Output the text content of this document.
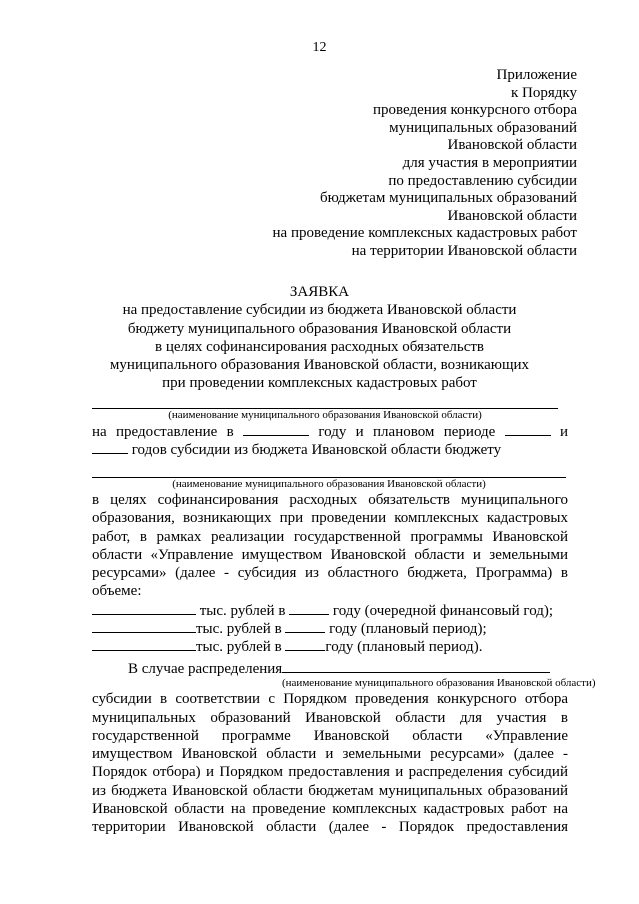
12
Приложение
к Порядку
проведения конкурсного отбора
муниципальных образований
Ивановской области
для участия в мероприятии
по предоставлению субсидии
бюджетам муниципальных образований
Ивановской области
на проведение комплексных кадастровых работ
на территории Ивановской области
ЗАЯВКА
на предоставление субсидии из бюджета Ивановской области
бюджету муниципального образования Ивановской области
в целях софинансирования расходных обязательств
муниципального образования Ивановской области, возникающих
при проведении комплексных кадастровых работ
(наименование муниципального образования Ивановской области)
на предоставление в	году и плановом периоде	и
годов субсидии из бюджета Ивановской области бюджету
(наименование муниципального образования Ивановской области)
в целях софинансирования расходных обязательств муниципального
образования, возникающих при проведении комплексных кадастровых
работ, в рамках реализации государственной программы Ивановской
области «Управление имуществом Ивановской области и земельными
ресурсами» (далее - субсидия из областного бюджета, Программа) в
объеме:
тыс. рублей в	году (очередной финансовый год);
тыс. рублей в	году (плановый период);
тыс. рублей в	году (плановый период).
В случае распределения
(наименование муниципального образования Ивановской области)
субсидии в соответствии с Порядком проведения конкурсного отбора
муниципальных образований Ивановской области для участия в
государственной программе Ивановской области «Управление
имуществом Ивановской области и земельными ресурсами» (далее -
Порядок отбора) и Порядком предоставления и распределения субсидий
из бюджета Ивановской области бюджетам муниципальных образований
Ивановской области на проведение комплексных кадастровых работ на
территории Ивановской области (далее - Порядок предоставления
